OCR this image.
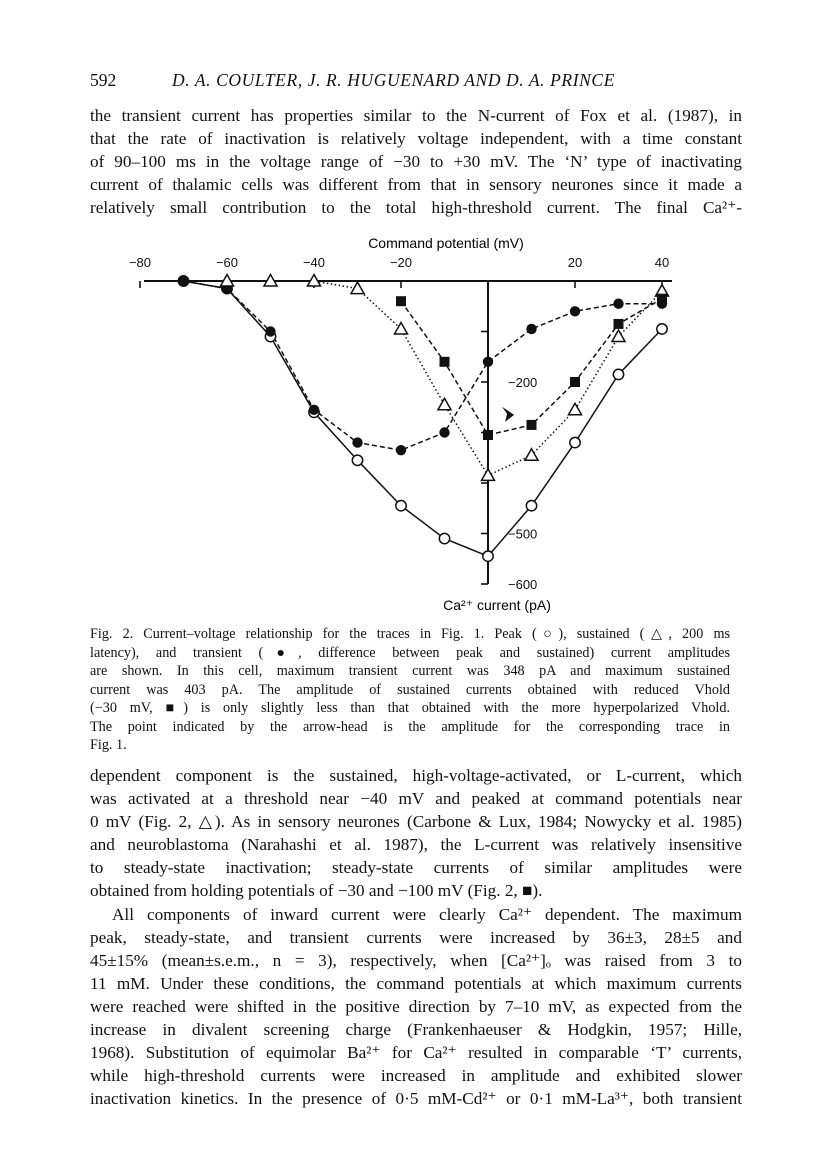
592	D. A. COULTER, J. R. HUGUENARD AND D. A. PRINCE
the transient current has properties similar to the N-current of Fox et al. (1987), in
that the rate of inactivation is relatively voltage independent, with a time constant
of 90–100 ms in the voltage range of −30 to +30 mV. The ‘N’ type of inactivating
current of thalamic cells was different from that in sensory neurones since it made a
relatively small contribution to the total high-threshold current. The final Ca²⁺-
Command potential (mV)
Ca²⁺ current (pA)
−80	−60	−40	−20	20	40
−200
−500
−600
Fig. 2. Current–voltage relationship for the traces in Fig. 1. Peak (○), sustained (△, 200 ms
latency), and transient (●, difference between peak and sustained) current amplitudes
are shown. In this cell, maximum transient current was 348 pA and maximum sustained
current was 403 pA. The amplitude of sustained currents obtained with reduced Vhold
(−30 mV, ■) is only slightly less than that obtained with the more hyperpolarized Vhold.
The point indicated by the arrow-head is the amplitude for the corresponding trace in
Fig. 1.
dependent component is the sustained, high-voltage-activated, or L-current, which
was activated at a threshold near −40 mV and peaked at command potentials near
0 mV (Fig. 2, △). As in sensory neurones (Carbone & Lux, 1984; Nowycky et al. 1985)
and neuroblastoma (Narahashi et al. 1987), the L-current was relatively insensitive
to steady-state inactivation; steady-state currents of similar amplitudes were
obtained from holding potentials of −30 and −100 mV (Fig. 2, ■).
All components of inward current were clearly Ca²⁺ dependent. The maximum
peak, steady-state, and transient currents were increased by 36±3, 28±5 and
45±15% (mean±s.e.m., n = 3), respectively, when [Ca²⁺]ₒ was raised from 3 to
11 mM. Under these conditions, the command potentials at which maximum currents
were reached were shifted in the positive direction by 7–10 mV, as expected from the
increase in divalent screening charge (Frankenhaeuser & Hodgkin, 1957; Hille,
1968). Substitution of equimolar Ba²⁺ for Ca²⁺ resulted in comparable ‘T’ currents,
while high-threshold currents were increased in amplitude and exhibited slower
inactivation kinetics. In the presence of 0·5 mM-Cd²⁺ or 0·1 mM-La³⁺, both transient
